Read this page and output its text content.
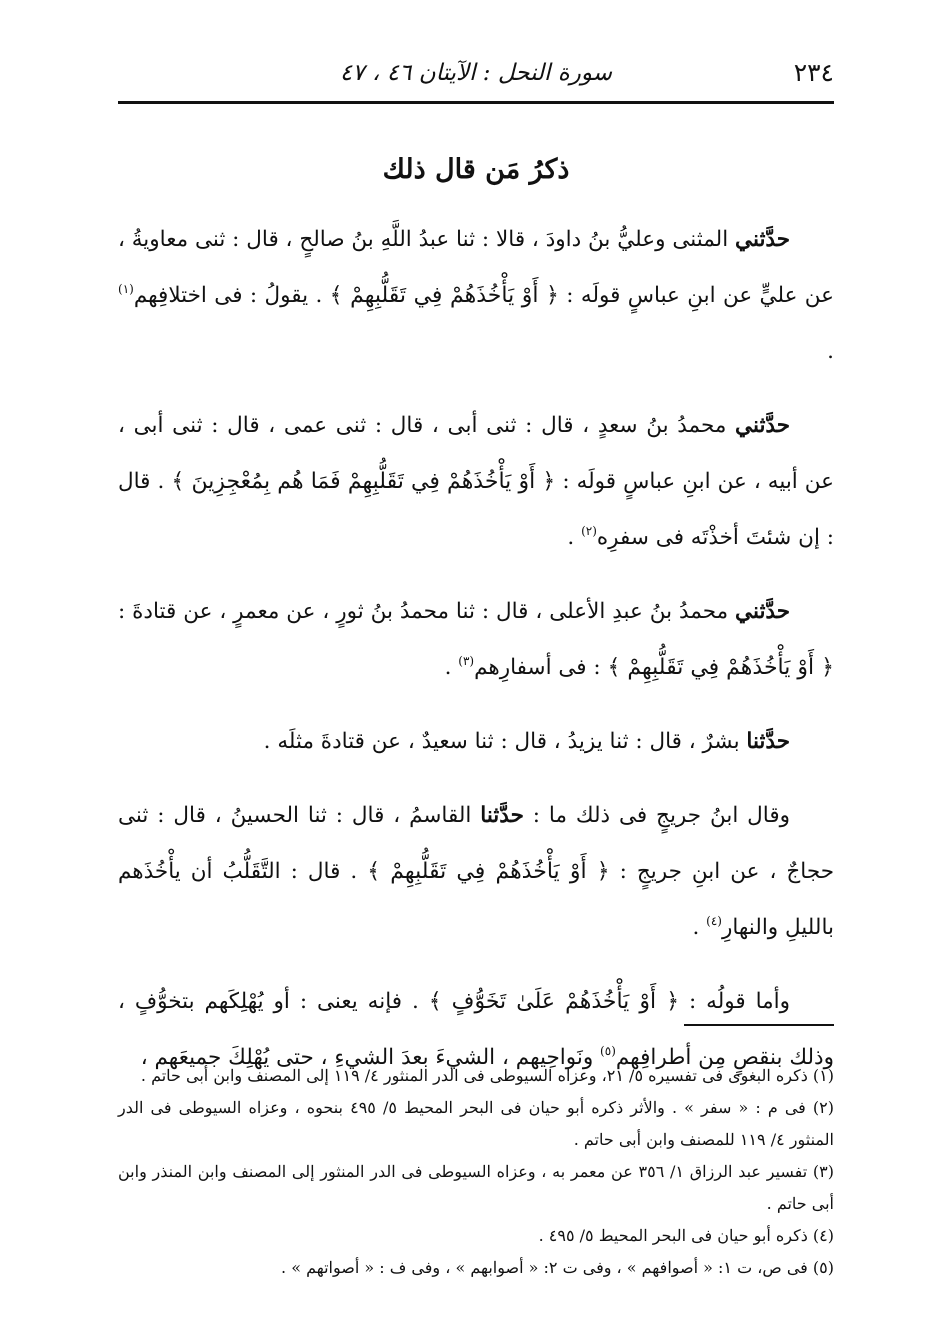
٢٣٤
سورة النحل : الآيتان ٤٦ ، ٤٧
ذكرُ مَن قال ذلك

حدَّثني المثنى وعليُّ بنُ داودَ ، قالا : ثنا عبدُ اللَّهِ بنُ صالحٍ ، قال : ثنى معاويةُ ، عن عليٍّ عن ابنِ عباسٍ قولَه : ﴿ أَوْ يَأْخُذَهُمْ فِي تَقَلُّبِهِمْ ﴾ . يقولُ : فى اختلافِهم$^{(١)}$ .

حدَّثني محمدُ بنُ سعدٍ ، قال : ثنى أبى ، قال : ثنى عمى ، قال : ثنى أبى ، عن أبيه ، عن ابنِ عباسٍ قولَه : ﴿ أَوْ يَأْخُذَهُمْ فِي تَقَلُّبِهِمْ فَمَا هُم بِمُعْجِزِينَ ﴾ . قال : إن شئتَ أخذْتَه فى سفرِه$^{(٢)}$ .

حدَّثني محمدُ بنُ عبدِ الأعلى ، قال : ثنا محمدُ بنُ ثورٍ ، عن معمرٍ ، عن قتادةَ : ﴿ أَوْ يَأْخُذَهُمْ فِي تَقَلُّبِهِمْ ﴾ : فى أسفارِهم$^{(٣)}$ .

حدَّثنا بشرٌ ، قال : ثنا يزيدُ ، قال : ثنا سعيدٌ ، عن قتادةَ مثلَه .

وقال ابنُ جريجٍ فى ذلك ما : حدَّثنا القاسمُ ، قال : ثنا الحسينُ ، قال : ثنى حجاجٌ ، عن ابنِ جريجٍ : ﴿ أَوْ يَأْخُذَهُمْ فِي تَقَلُّبِهِمْ ﴾ . قال : التَّقَلُّبُ أن يأْخُذَهم بالليلِ والنهارِ$^{(٤)}$ .

وأما قولُه : ﴿ أَوْ يَأْخُذَهُمْ عَلَىٰ تَخَوُّفٍ ﴾ . فإنه يعنى : أو يُهْلِكَهم بتخوُّفٍ ، وذلك بنقصٍ مِن أطرافِهم$^{(٥)}$ ونَواحِيهم ، الشيءَ بعدَ الشيءِ ، حتى يُهْلِكَ جميعَهم ،

(١) ذكره البغوى فى تفسيره ٥/ ٢١، وعزاه السيوطى فى الدر المنثور ٤/ ١١٩ إلى المصنف وابن أبى حاتم .

(٢) فى م : « سفر » . والأثر ذكره أبو حيان فى البحر المحيط ٥/ ٤٩٥ بنحوه ، وعزاه السيوطى فى الدر المنثور ٤/ ١١٩ للمصنف وابن أبى حاتم .

(٣) تفسير عبد الرزاق ١/ ٣٥٦ عن معمر به ، وعزاه السيوطى فى الدر المنثور إلى المصنف وابن المنذر وابن أبى حاتم .

(٤) ذكره أبو حيان فى البحر المحيط ٥/ ٤٩٥ .

(٥) فى ص، ت ١: « أصوافهم » ، وفى ت ٢: « أصوابهم » ، وفى ف : « أصواتهم » .
